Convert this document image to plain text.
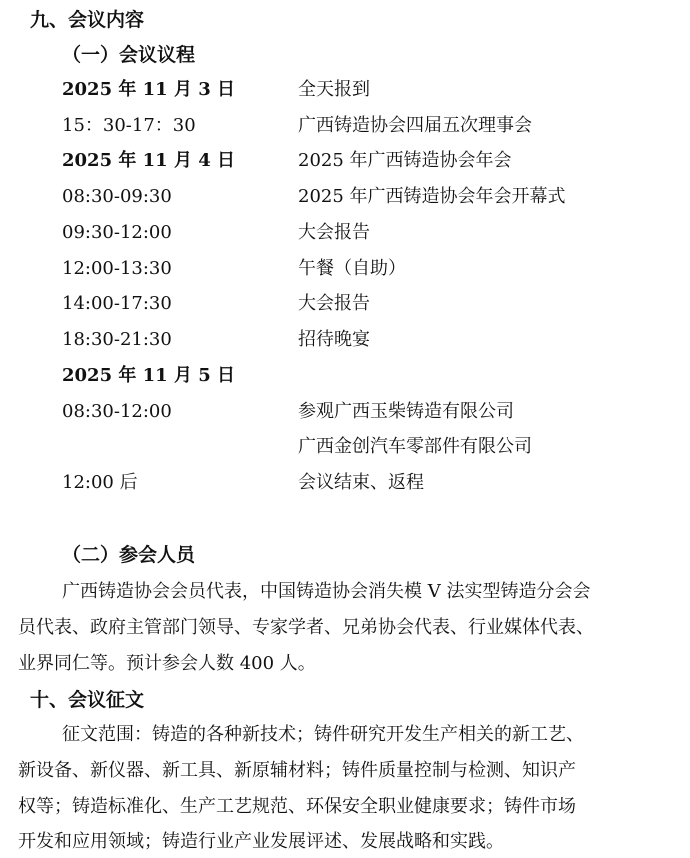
九、会议内容
（一）会议议程
2025 年 11 月 3 日	全天报到
15：30-17：30	广西铸造协会四届五次理事会
2025 年 11 月 4 日	2025 年广西铸造协会年会
08:30-09:30	2025 年广西铸造协会年会开幕式
09:30-12:00	大会报告
12:00-13:30	午餐（自助）
14:00-17:30	大会报告
18:30-21:30	招待晚宴
2025 年 11 月 5 日
08:30-12:00	参观广西玉柴铸造有限公司
广西金创汽车零部件有限公司
12:00 后	会议结束、返程
（二）参会人员
广西铸造协会会员代表，中国铸造协会消失模 V 法实型铸造分会会
员代表、政府主管部门领导、专家学者、兄弟协会代表、行业媒体代表、
业界同仁等。预计参会人数 400 人。
十、会议征文
征文范围：铸造的各种新技术；铸件研究开发生产相关的新工艺、
新设备、新仪器、新工具、新原辅材料；铸件质量控制与检测、知识产
权等；铸造标准化、生产工艺规范、环保安全职业健康要求；铸件市场
开发和应用领域；铸造行业产业发展评述、发展战略和实践。
